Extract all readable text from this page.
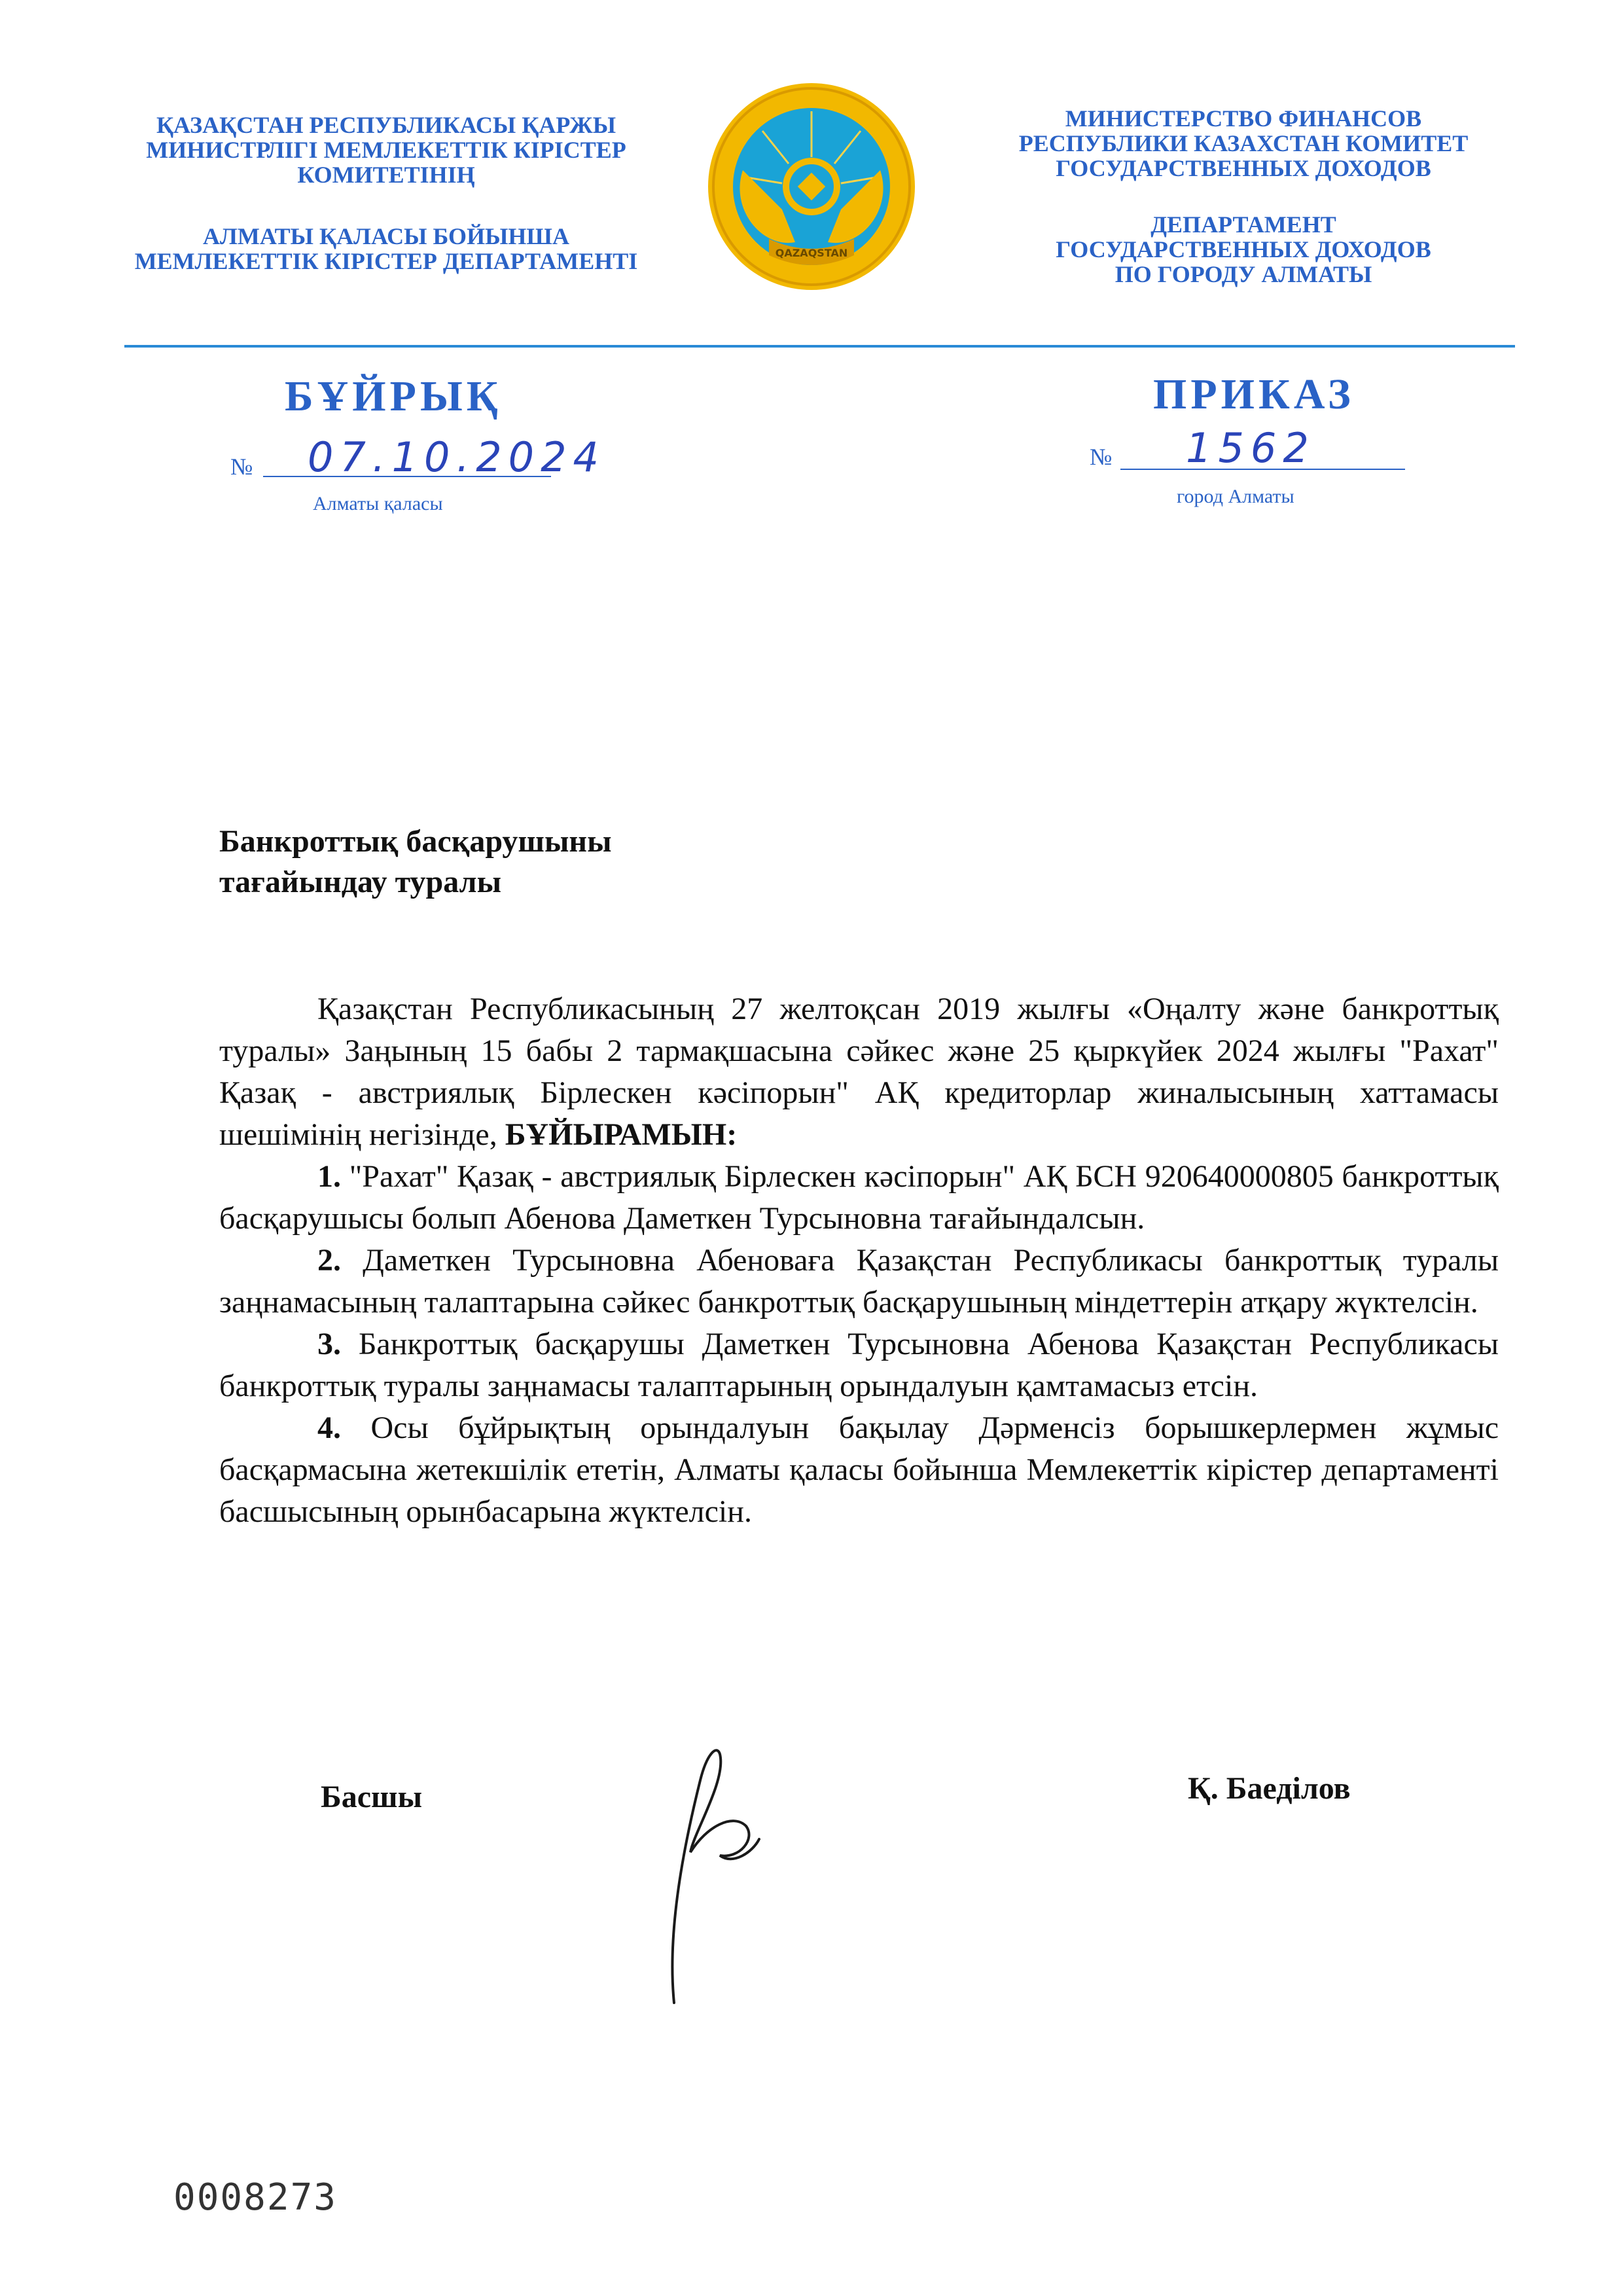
ҚАЗАҚСТАН РЕСПУБЛИКАСЫ ҚАРЖЫ
МИНИСТРЛІГІ МЕМЛЕКЕТТІК КІРІСТЕР
КОМИТЕТІНІҢ
АЛМАТЫ ҚАЛАСЫ БОЙЫНША
МЕМЛЕКЕТТІК КІРІСТЕР ДЕПАРТАМЕНТІ	QAZAQSTAN
МИНИСТЕРСТВО ФИНАНСОВ
РЕСПУБЛИКИ КАЗАХСТАН КОМИТЕТ
ГОСУДАРСТВЕННЫХ ДОХОДОВ
ДЕПАРТАМЕНТ
ГОСУДАРСТВЕННЫХ ДОХОДОВ
ПО ГОРОДУ АЛМАТЫ
БҰЙРЫҚ
№ 07.10.2024
Алматы қаласы
ПРИКАЗ
№ 1562
город Алматы
Банкроттық басқарушыны
тағайындау туралы

Қазақстан Республикасының 27 желтоқсан 2019 жылғы «Оңалту және банкроттық туралы» Заңының 15 бабы 2 тармақшасына сәйкес және 25 қыркүйек 2024 жылғы "Рахат" Қазақ - австриялық Бірлескен кәсіпорын" АҚ кредиторлар жиналысының хаттамасы шешімінің негізінде, БҰЙЫРАМЫН:

1. "Рахат" Қазақ - австриялық Бірлескен кәсіпорын" АҚ БСН 920640000805 банкроттық басқарушысы болып Абенова Даметкен Турсыновна тағайындалсын.

2. Даметкен Турсыновна Абеноваға Қазақстан Республикасы банкроттық туралы заңнамасының талаптарына сәйкес банкроттық басқарушының міндеттерін атқару жүктелсін.

3. Банкроттық басқарушы Даметкен Турсыновна Абенова Қазақстан Республикасы банкроттық туралы заңнамасы талаптарының орындалуын қамтамасыз етсін.

4. Осы бұйрықтың орындалуын бақылау Дәрменсіз борышкерлермен жұмыс басқармасына жетекшілік ететін, Алматы қаласы бойынша Мемлекеттік кірістер департаменті басшысының орынбасарына жүктелсін.

Басшы	Қ. Баеділов
0008273
